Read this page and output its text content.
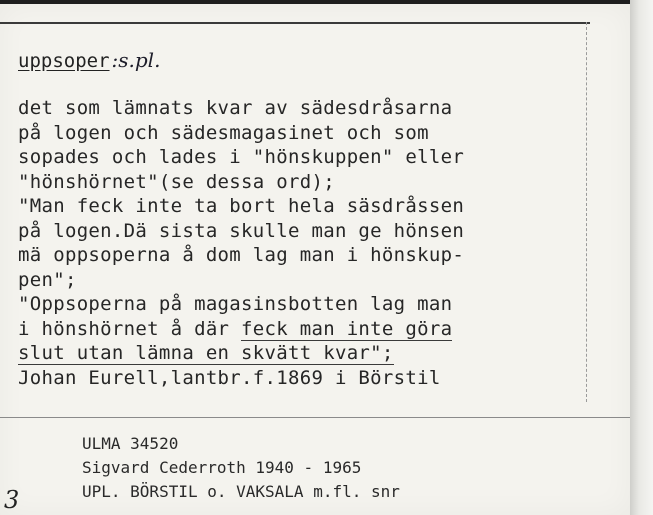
uppsoper :s.pl.
det som lämnats kvar av sädesdråsarna
på logen och sädesmagasinet och som
sopades och lades i "hönskuppen" eller
"hönshörnet"(se dessa ord);
"Man feck inte ta bort hela säsdråssen
på logen.Dä sista skulle man ge hönsen
mä oppsoperna å dom lag man i hönskup-
pen";
"Oppsoperna på magasinsbotten lag man
i hönshörnet å där feck man inte göra
slut utan lämna en skvätt kvar";
Johan Eurell,lantbr.f.1869 i Börstil
ULMA 34520
Sigvard Cederroth 1940 - 1965
UPL. BÖRSTIL o. VAKSALA m.fl. snr
3
